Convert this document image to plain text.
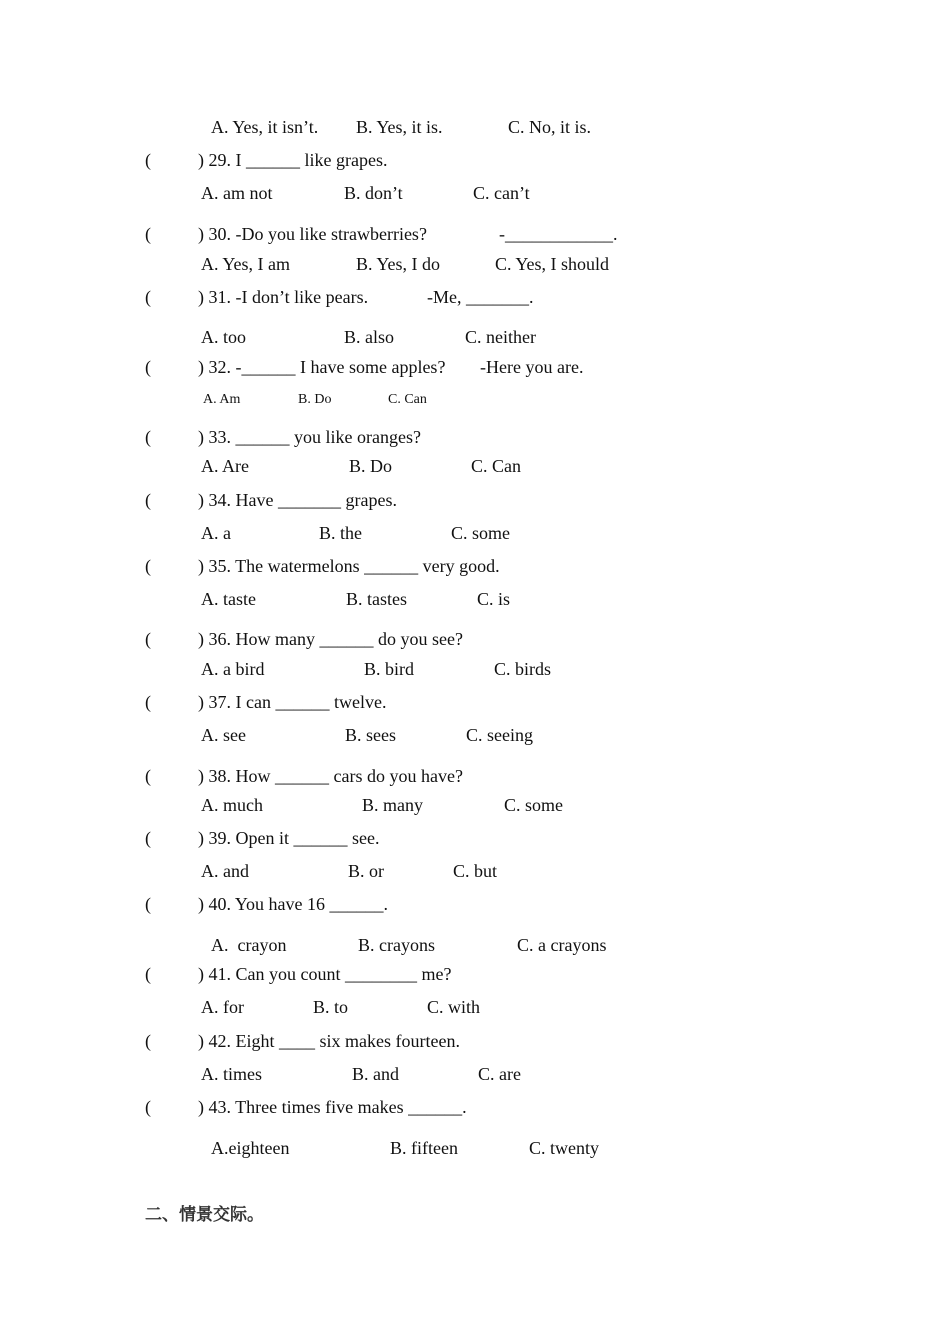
A. Yes, it isn’t. B. Yes, it is.	C. No, it is.
(	) 29. I ______ like grapes.
A. am not	B. don’t	C. can’t
(	) 30. -Do you like strawberries?	-____________.
A. Yes, I am	B. Yes, I do	C. Yes, I should
(	) 31. -I don’t like pears.	-Me, _______.
A. too	B. also	C. neither
(	) 32. -______ I have some apples? -Here you are.
A. Am	B. Do	C. Can
(	) 33. ______ you like oranges?
A. Are	B. Do	C. Can
(	) 34. Have _______ grapes.
A. a	B. the	C. some
(	) 35. The watermelons ______ very good.
A. taste	B. tastes	C. is
(	) 36. How many ______ do you see?
A. a bird	B. bird	C. birds
(	) 37. I can ______ twelve.
A. see	B. sees	C. seeing
(	) 38. How ______ cars do you have?
A. much	B. many	C. some
(	) 39. Open it ______ see.
A. and	B. or	C. but
(	) 40. You have 16 ______.
A.  crayon	B. crayons	C. a crayons
(	) 41. Can you count ________ me?
A. for	B. to	C. with
(	) 42. Eight ____ six makes fourteen.
A. times	B. and	C. are
(	) 43. Three times five makes ______.
A.eighteen	B. fifteen	C. twenty
二、情景交际。
